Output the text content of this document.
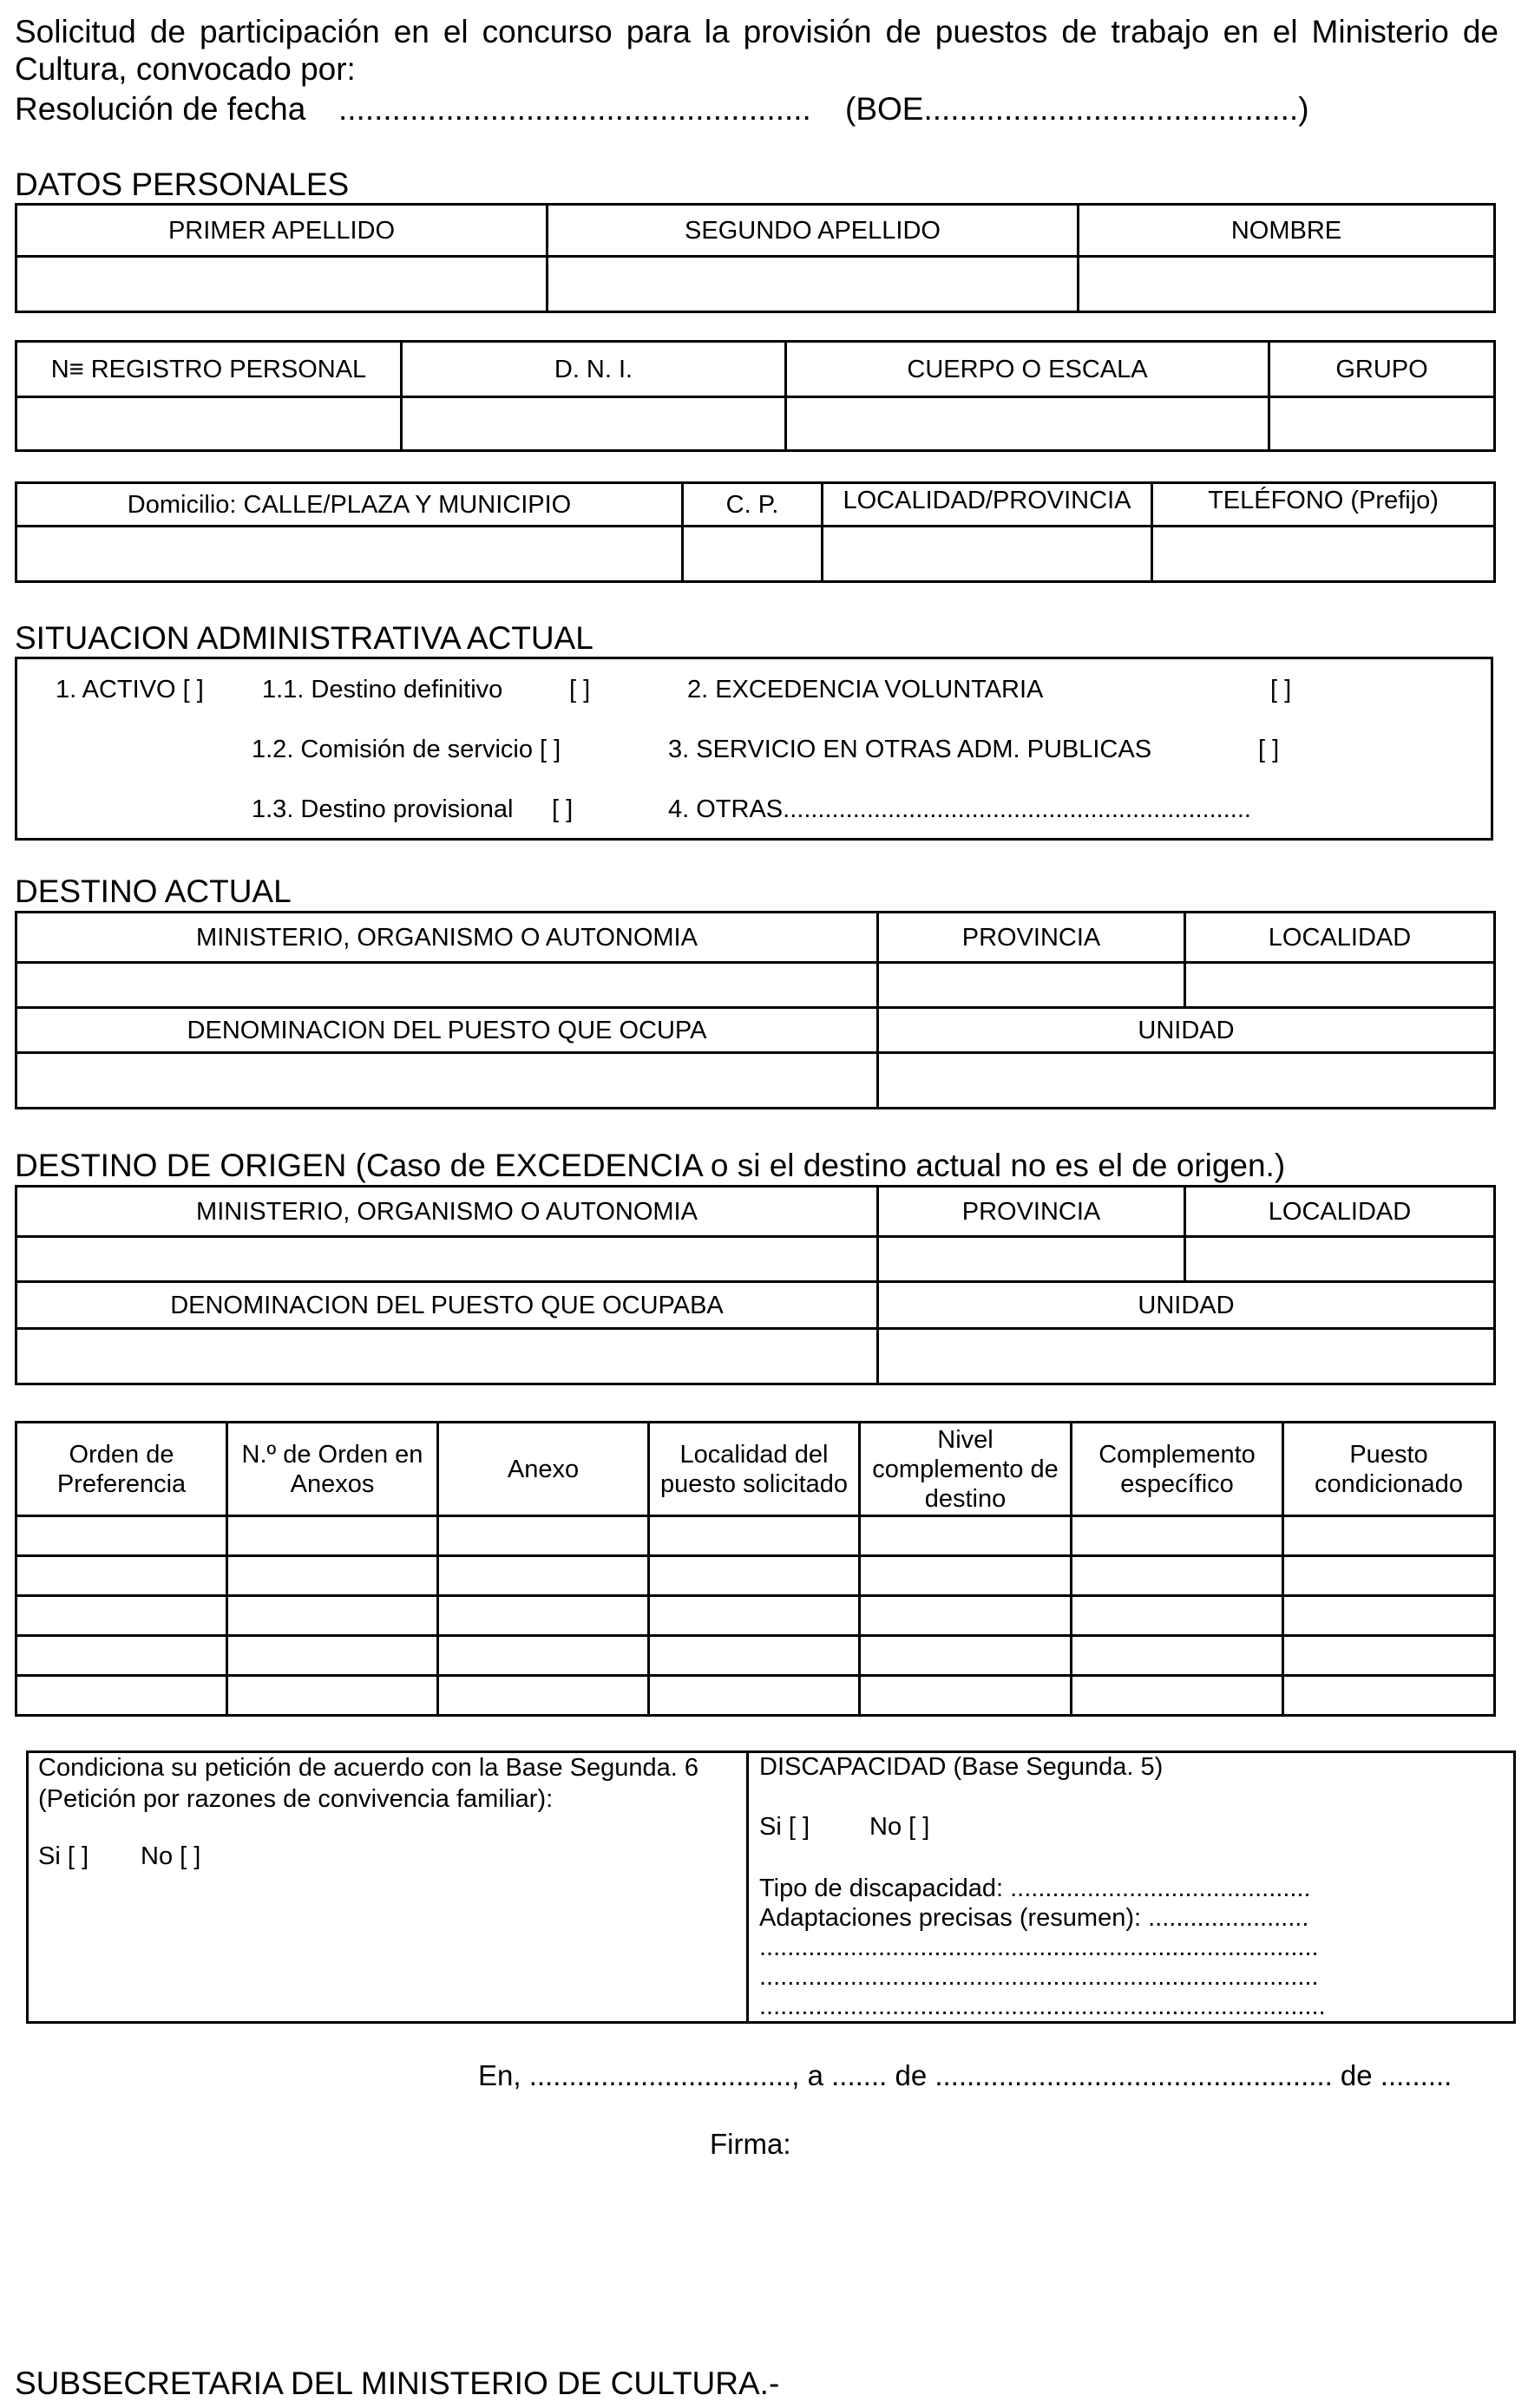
Solicitud de participación en el concurso para la provisión de puestos de trabajo en el Ministerio de
Cultura, convocado por:
Resolución de fecha ..................................................... (BOE..........................................)
DATOS PERSONALES
PRIMER APELLIDO	SEGUNDO APELLIDO	NOMBRE

N≡ REGISTRO PERSONAL	D. N. I.	CUERPO O ESCALA	GRUPO

Domicilio: CALLE/PLAZA Y MUNICIPIO	C. P.	LOCALIDAD/PROVINCIA	TELÉFONO (Prefijo)

SITUACION ADMINISTRATIVA ACTUAL
1. ACTIVO [ ] 1.1. Destino definitivo	[ ]	2. EXCEDENCIA VOLUNTARIA	[ ]
1.2. Comisión de servicio [ ]	3. SERVICIO EN OTRAS ADM. PUBLICAS	[ ]
1.3. Destino provisional [ ]	4. OTRAS...................................................................
DESTINO ACTUAL
MINISTERIO, ORGANISMO O AUTONOMIA	PROVINCIA	LOCALIDAD

DENOMINACION DEL PUESTO QUE OCUPA	UNIDAD	

DESTINO DE ORIGEN (Caso de EXCEDENCIA o si el destino actual no es el de origen.)
MINISTERIO, ORGANISMO O AUTONOMIA	PROVINCIA	LOCALIDAD

DENOMINACION DEL PUESTO QUE OCUPABA	UNIDAD	

Orden de Preferencia	N.º de Orden en Anexos	Anexo	Localidad del puesto solicitado	Nivel complemento de destino	Complemento específico	Puesto condicionado

Condiciona su petición de acuerdo con la Base Segunda. 6
(Petición por razones de convivencia familiar):
Si [ ] No [ ]
DISCAPACIDAD (Base Segunda. 5)
Si [ ] No [ ]
Tipo de discapacidad: ...........................................
Adaptaciones precisas (resumen): .......................
................................................................................
................................................................................
.................................................................................
En, ................................., a ....... de .................................................. de .........
Firma:
SUBSECRETARIA DEL MINISTERIO DE CULTURA.-
